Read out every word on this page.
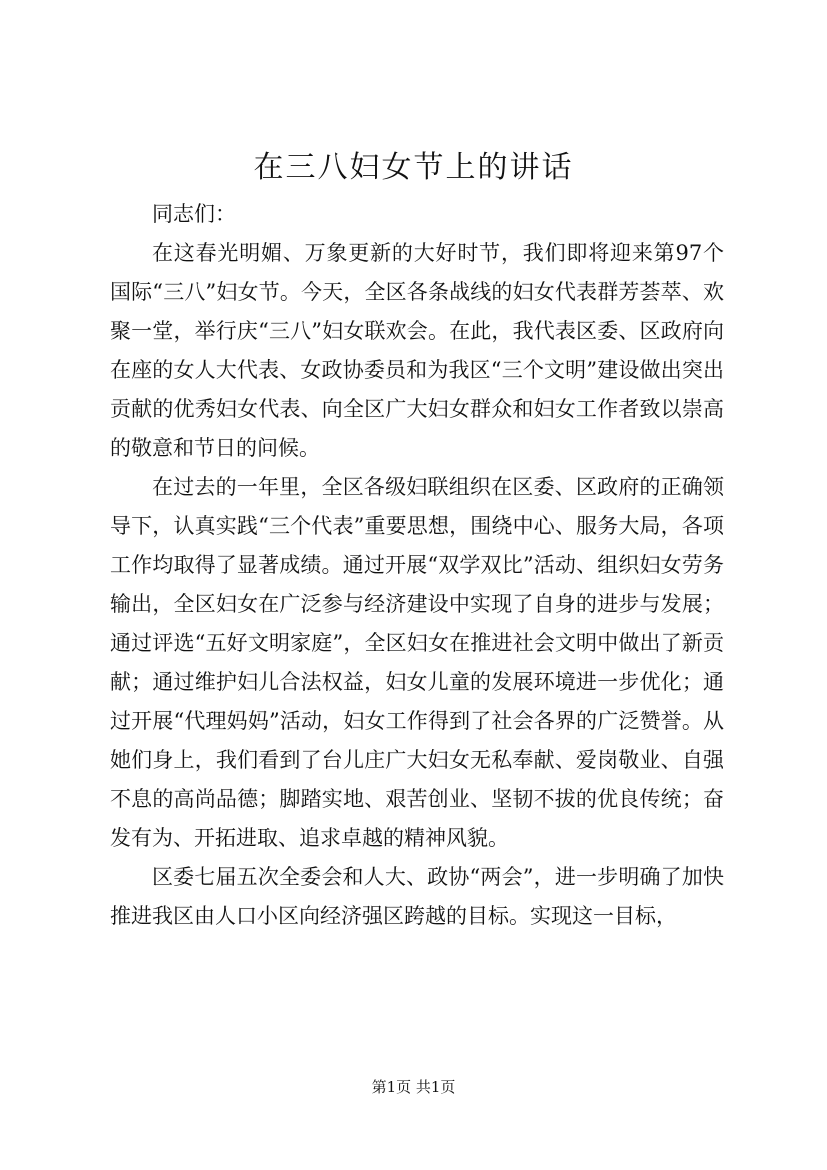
在三八妇女节上的讲话

同志们：

在这春光明媚、万象更新的大好时节，我们即将迎来第97个国际“三八”妇女节。今天，全区各条战线的妇女代表群芳荟萃、欢聚一堂，举行庆“三八”妇女联欢会。在此，我代表区委、区政府向在座的女人大代表、女政协委员和为我区“三个文明”建设做出突出贡献的优秀妇女代表、向全区广大妇女群众和妇女工作者致以崇高的敬意和节日的问候。

在过去的一年里，全区各级妇联组织在区委、区政府的正确领导下，认真实践“三个代表”重要思想，围绕中心、服务大局，各项工作均取得了显著成绩。通过开展“双学双比”活动、组织妇女劳务输出，全区妇女在广泛参与经济建设中实现了自身的进步与发展；通过评选“五好文明家庭”，全区妇女在推进社会文明中做出了新贡献；通过维护妇儿合法权益，妇女儿童的发展环境进一步优化；通过开展“代理妈妈”活动，妇女工作得到了社会各界的广泛赞誉。从她们身上，我们看到了台儿庄广大妇女无私奉献、爱岗敬业、自强不息的高尚品德；脚踏实地、艰苦创业、坚韧不拔的优良传统；奋发有为、开拓进取、追求卓越的精神风貌。

区委七届五次全委会和人大、政协“两会”，进一步明确了加快推进我区由人口小区向经济强区跨越的目标。实现这一目标，

第1页 共1页
